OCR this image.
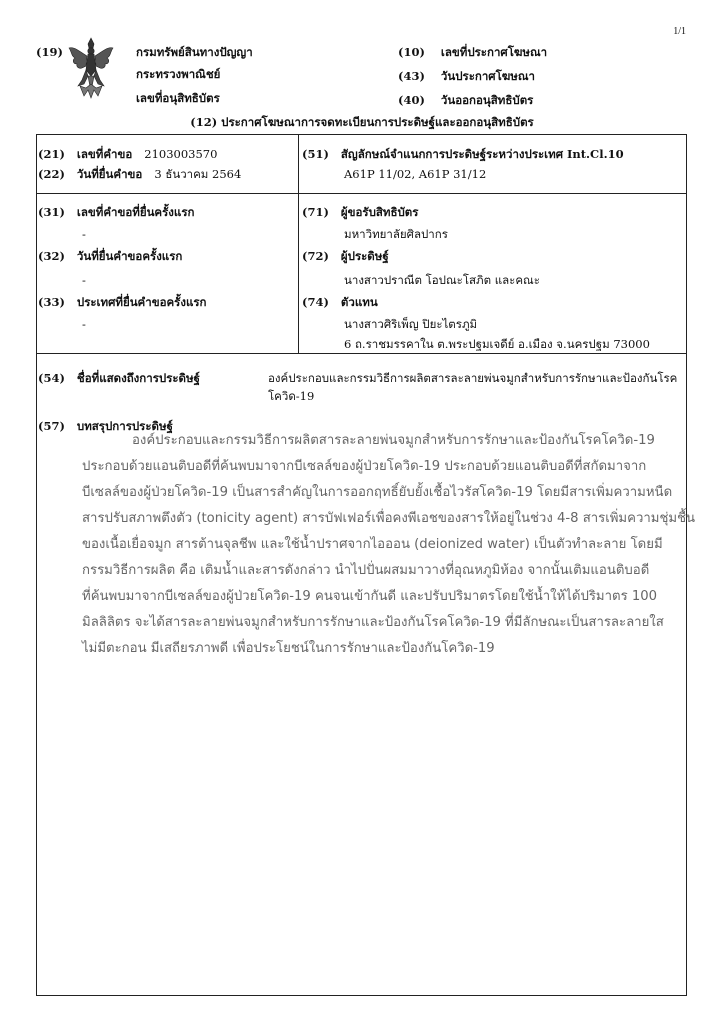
1/1
(19)	กรมทรัพย์สินทางปัญญา
กระทรวงพาณิชย์
เลขที่อนุสิทธิบัตร
(10) เลขที่ประกาศโฆษณา
(43) วันประกาศโฆษณา
(40) วันออกอนุสิทธิบัตร
(12) ประกาศโฆษณาการจดทะเบียนการประดิษฐ์และออกอนุสิทธิบัตร
(21) เลขที่คำขอ 2103003570
(22) วันที่ยื่นคำขอ 3 ธันวาคม 2564
(51) สัญลักษณ์จำแนกการประดิษฐ์ระหว่างประเทศ Int.Cl.10
A61P 11/02, A61P 31/12
(31) เลขที่คำขอที่ยื่นครั้งแรก
-
(32) วันที่ยื่นคำขอครั้งแรก
-
(33) ประเทศที่ยื่นคำขอครั้งแรก
-
(71) ผู้ขอรับสิทธิบัตร
มหาวิทยาลัยศิลปากร
(72) ผู้ประดิษฐ์
นางสาวปราณีต โอปณะโสภิต และคณะ
(74) ตัวแทน
นางสาวศิริเพ็ญ ปิยะไตรภูมิ
6 ถ.ราชมรรคาใน ต.พระปฐมเจดีย์ อ.เมือง จ.นครปฐม 73000
(54) ชื่อที่แสดงถึงการประดิษฐ์	องค์ประกอบและกรรมวิธีการผลิตสารละลายพ่นจมูกสำหรับการรักษาและป้องกันโรค
โควิด-19
(57) บทสรุปการประดิษฐ์
องค์ประกอบและกรรมวิธีการผลิตสารละลายพ่นจมูกสำหรับการรักษาและป้องกันโรคโควิด-19
ประกอบด้วยแอนติบอดีที่ค้นพบมาจากบีเซลล์ของผู้ป่วยโควิด-19 ประกอบด้วยแอนติบอดีที่สกัดมาจาก
บีเซลล์ของผู้ป่วยโควิด-19 เป็นสารสำคัญในการออกฤทธิ์ยับยั้งเชื้อไวรัสโควิด-19 โดยมีสารเพิ่มความหนืด
สารปรับสภาพตึงตัว (tonicity agent) สารบัฟเฟอร์เพื่อคงพีเอชของสารให้อยู่ในช่วง 4-8 สารเพิ่มความชุ่มชื้น
ของเนื้อเยื่อจมูก สารต้านจุลชีพ และใช้น้ำปราศจากไอออน (deionized water) เป็นตัวทำละลาย โดยมี
กรรมวิธีการผลิต คือ เติมน้ำและสารดังกล่าว นำไปปั่นผสมมาวางที่อุณหภูมิห้อง จากนั้นเติมแอนติบอดี
ที่ค้นพบมาจากบีเซลล์ของผู้ป่วยโควิด-19 คนจนเข้ากันดี และปรับปริมาตรโดยใช้น้ำให้ได้ปริมาตร 100
มิลลิลิตร จะได้สารละลายพ่นจมูกสำหรับการรักษาและป้องกันโรคโควิด-19 ที่มีลักษณะเป็นสารละลายใส
ไม่มีตะกอน มีเสถียรภาพดี เพื่อประโยชน์ในการรักษาและป้องกันโควิด-19
